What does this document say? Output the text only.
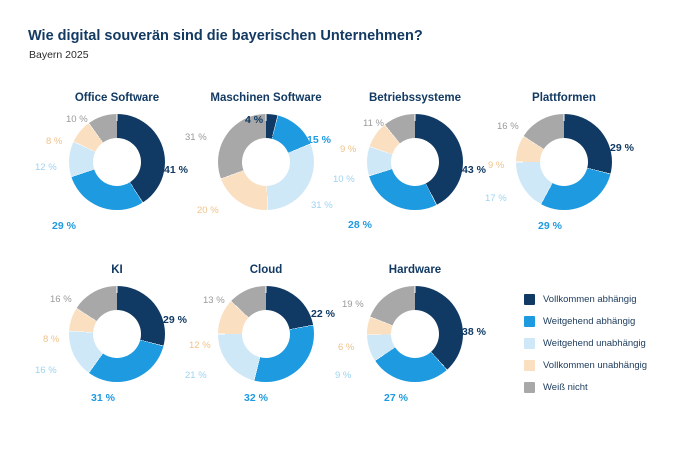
Wie digital souverän sind die bayerischen Unternehmen?
Bayern 2025
Office Software
41 %
29 %
12 %
8 %
10 %
Maschinen Software
4 %
15 %
31 %
20 %
31 %
Betriebssysteme
43 %
28 %
10 %
9 %
11 %
Plattformen
29 %
29 %
17 %
9 %
16 %
KI
29 %
31 %
16 %
8 %
16 %
Cloud
22 %
32 %
21 %
12 %
13 %
Hardware
38 %
27 %
9 %
6 %
19 %	Vollkommen abhängig
Weitgehend abhängig
Weitgehend unabhängig
Vollkommen unabhängig
Weiß nicht
